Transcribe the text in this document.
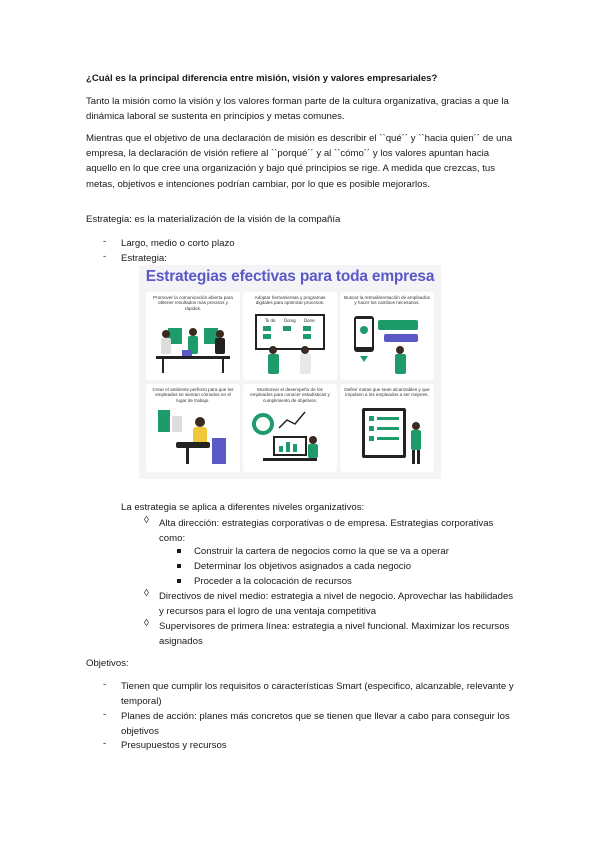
¿Cuál es la principal diferencia entre misión, visión y valores empresariales?

Tanto la misión como la visión y los valores forman parte de la cultura organizativa, gracias a que la dinámica laboral se sustenta en principios y metas comunes.

Mientras que el objetivo de una declaración de misión es describir el ``qué´´ y ``hacia quien´´ de una empresa, la declaración de visión refiere al ``porqué´´ y al ``cómo´´ y los valores apuntan hacia aquello en lo que cree una organización y bajo qué principios se rige. A medida que crezcas, tus metas, objetivos e intenciones podrían cambiar, por lo que es posible mejorarlos.

Estrategia: es la materialización de la visión de la compañía

- Largo, medio o corto plazo
- Estrategia:
Estrategias efectivas para toda empresa
Promover la comunicación abierta para obtener resultados más precisos y rápidos.
Adoptar herramientas y programas digitales para optimizar procesos.
To do Doing Done
Buscar la retroalimentación de empleados y hacer los cambios necesarios.
Crear el ambiente perfecto para que los empleados se sientan cómodos en el lugar de trabajo.
Monitorear el desempeño de los empleados para conocer estadísticas y cumplimiento de objetivos.
Definir metas que sean alcanzables y que impulsen a los empleados a ser mejores.
La estrategia se aplica a diferentes niveles organizativos:
◊ Alta dirección: estrategias corporativas o de empresa. Estrategias corporativas como:
Construir la cartera de negocios como la que se va a operar
Determinar los objetivos asignados a cada negocio
Proceder a la colocación de recursos
◊ Directivos de nivel medio: estrategia a nivel de negocio. Aprovechar las habilidades y recursos para el logro de una ventaja competitiva
◊ Supervisores de primera línea: estrategia a nivel funcional. Maximizar los recursos asignados

Objetivos:

- Tienen que cumplir los requisitos o características Smart (especifico, alcanzable, relevante y temporal)
- Planes de acción: planes más concretos que se tienen que llevar a cabo para conseguir los objetivos
- Presupuestos y recursos
